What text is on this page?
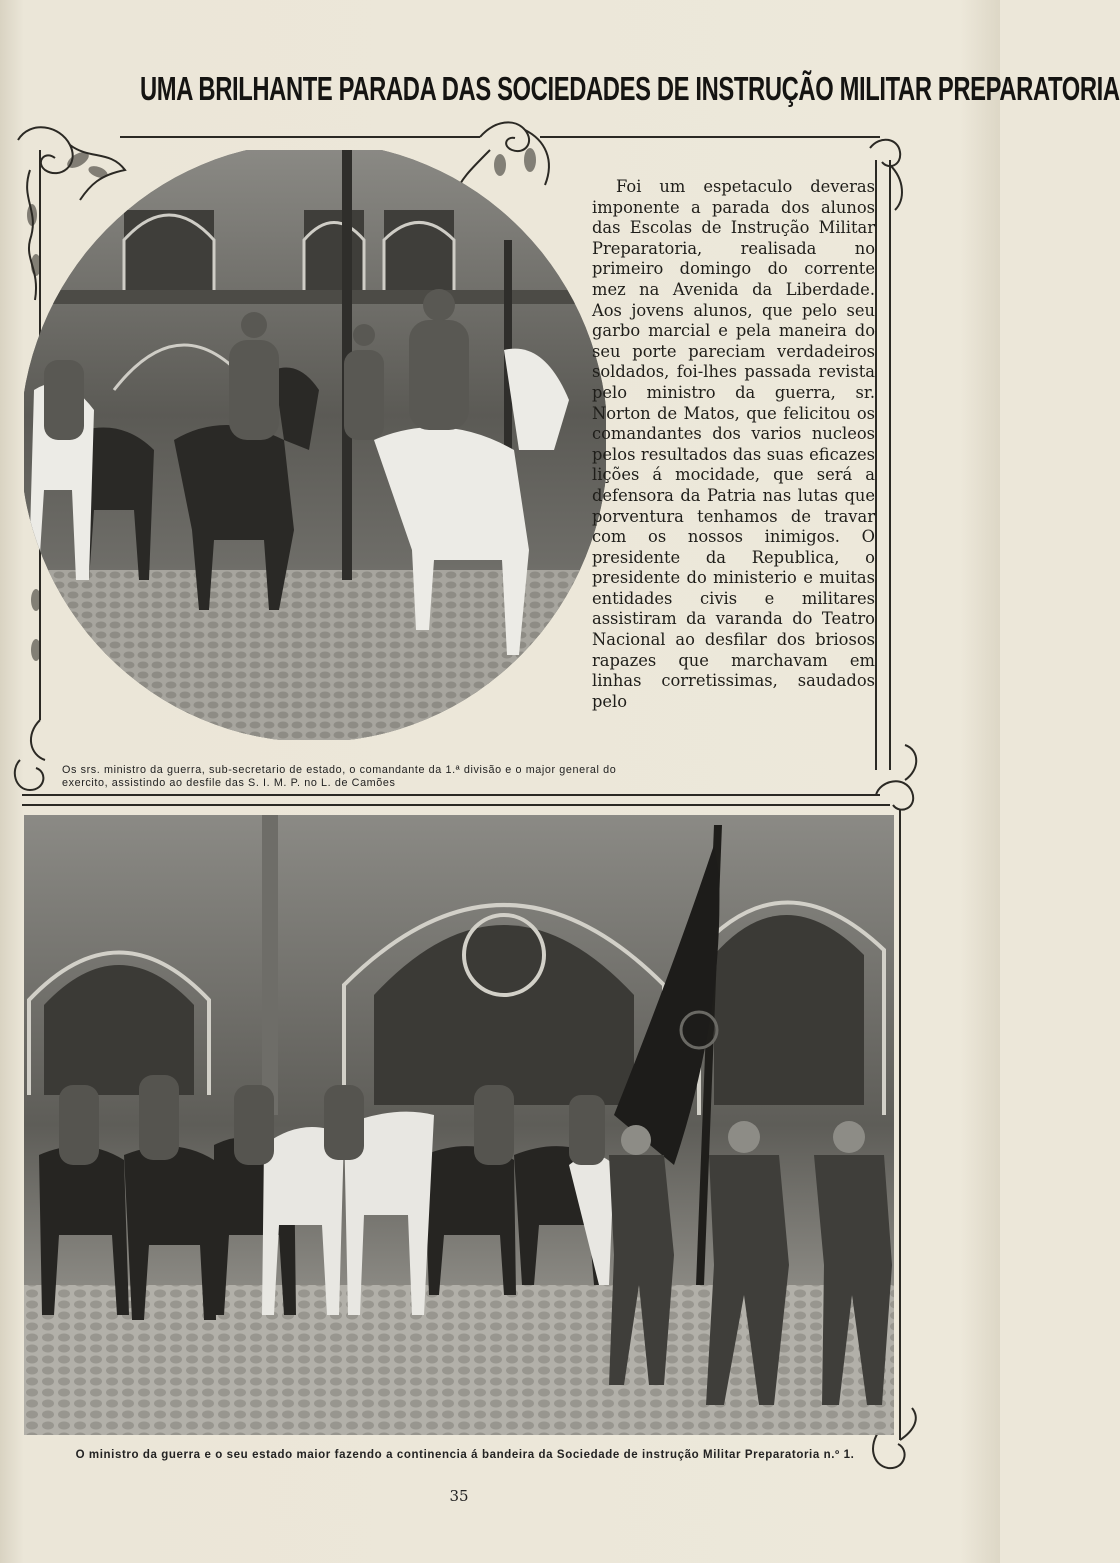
UMA BRILHANTE PARADA DAS SOCIEDADES DE INSTRUÇÃO MILITAR PREPARATORIA

Foi um espetaculo deveras imponente a parada dos alunos das Escolas de Instrução Militar Preparatoria, realisada no primeiro domingo do corrente mez na Avenida da Liberdade. Aos jovens alunos, que pelo seu garbo marcial e pela maneira do seu porte pareciam verdadeiros soldados, foi-lhes passada revista pelo ministro da guerra, sr. Norton de Matos, que felicitou os comandantes dos varios nucleos pelos resultados das suas eficazes lições á mocidade, que será a defensora da Patria nas lutas que porventura tenhamos de travar com os nossos inimigos. O presidente da Republica, o presidente do ministerio e muitas entidades civis e militares assistiram da varanda do Teatro Nacional ao desfilar dos briosos rapazes que marchavam em linhas corretissimas, saudados pelo

Os srs. ministro da guerra, sub-secretario de estado, o comandante da 1.ª divisão e o major general do exercito, assistindo ao desfile das S. I. M. P. no L. de Camões
O ministro da guerra e o seu estado maior fazendo a continencia á bandeira da Sociedade de instrução Militar Preparatoria n.º 1.
35
